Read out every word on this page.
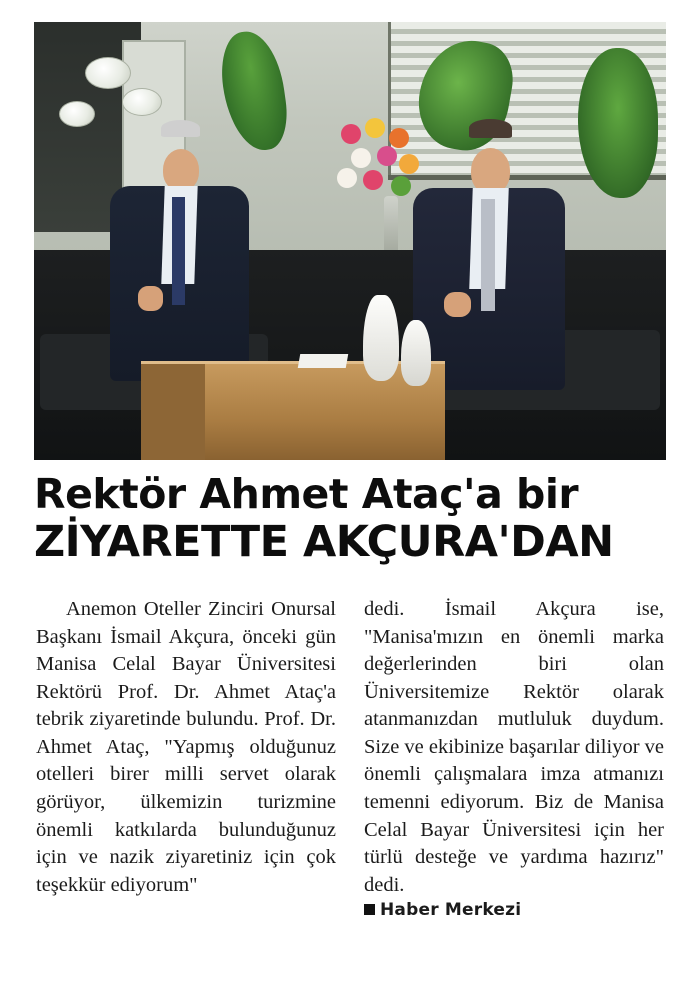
Rektör Ahmet Ataç'a bir
ZİYARETTE AKÇURA'DAN

Anemon Oteller Zinciri Onursal Başkanı İsmail Akçura, önceki gün Manisa Celal Bayar Üniversitesi Rektörü Prof. Dr. Ahmet Ataç'a tebrik ziyaretinde bulundu. Prof. Dr. Ahmet Ataç, "Yapmış olduğunuz otelleri birer milli servet olarak görüyor, ülkemizin turizmine önemli katkılarda bulunduğunuz için ve nazik ziyaretiniz için çok teşekkür ediyorum"

dedi. İsmail Akçura ise, "Manisa'mızın en önemli marka değerlerinden biri olan Üniversitemize Rektör olarak atanmanızdan mutluluk duydum. Size ve ekibinize başarılar diliyor ve önemli çalışmalara imza atmanızı temenni ediyorum. Biz de Manisa Celal Bayar Üniversitesi için her türlü desteğe ve yardıma hazırız" dedi.

Haber Merkezi
